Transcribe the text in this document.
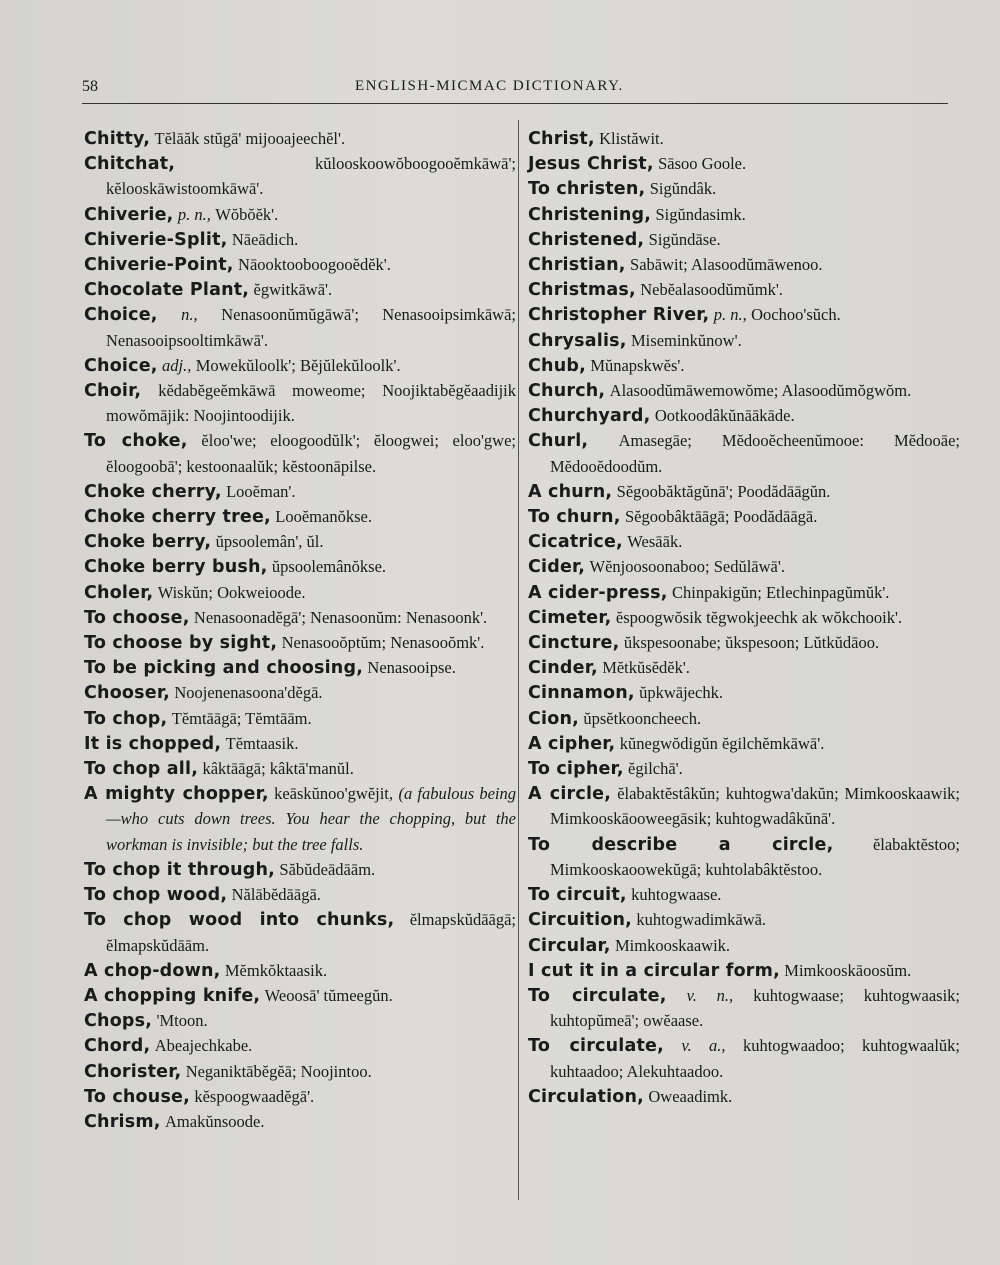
58	ENGLISH-MICMAC DICTIONARY.

Chitty, Tĕlāăk stŭgā' mijooajeechĕl'.

Chitchat,	kŭlooskoowŏboogooĕmkāwā'; kĕlooskāwistoomkāwā'.

Chiverie, p. n., Wŏbŏĕk'.

Chiverie-Split, Nāeādich.

Chiverie-Point, Nāooktooboogooĕdĕk'.

Chocolate Plant, ĕgwitkāwā'.

Choice, n., Nenasoonŭmŭgāwā'; Nenasooipsimkāwā; Nenasooipsooltimkāwā'.

Choice, adj., Mowekŭloolk'; Bĕjŭlekŭloolk'.

Choir, kĕdabĕgeĕmkāwā moweome; Noojiktabĕgĕaadijik mowŏmājik: Noojintoodijik.

To choke, ĕloo'we; eloogoodŭlk'; ĕloogwei; eloo'gwe; ĕloogoobā'; kestoonaalŭk; kĕstoonāpilse.

Choke cherry, Looĕman'.

Choke cherry tree, Looĕmanŏkse.

Choke berry, ŭpsoolemân', ŭl.

Choke berry bush, ŭpsoolemânŏkse.

Choler, Wiskŭn; Ookweioode.

To choose, Nenasoonadĕgā'; Nenasoonŭm: Nenasoonk'.

To choose by sight, Nenasooŏptŭm; Nenasooŏmk'.

To be picking and choosing, Nenasooipse.

Chooser, Noojenenasoona'dĕgā.

To chop, Tĕmtāāgā; Tĕmtāām.

It is chopped, Tĕmtaasik.

To chop all, kâktāāgā; kâktā'manŭl.

A mighty chopper, keāskŭnoo'gwĕjit, (a fabulous being—who cuts down trees. You hear the chopping, but the workman is invisible; but the tree falls.

To chop it through, Săbŭdeādāām.

To chop wood, Nălābĕdāāgā.

To chop wood into chunks, ĕlmapskŭdāāgā; ĕlmapskŭdāām.

A chop-down, Mĕmkŏktaasik.

A chopping knife, Weoosā' tŭmeegŭn.

Chops, 'Mtoon.

Chord, Abeajechkabe.

Chorister, Neganiktābĕgĕā; Noojintoo.

To chouse, kĕspoogwaadĕgā'.

Chrism, Amakŭnsoode.

Christ, Klistăwit.

Jesus Christ, Sāsoo Goole.

To christen, Sigŭndâk.

Christening, Sigŭndasimk.

Christened, Sigŭndāse.

Christian, Sabāwit; Alasoodŭmāwenoo.

Christmas, Nebĕalasoodŭmŭmk'.

Christopher River, p. n., Oochoo'sŭch.

Chrysalis, Miseminkŭnow'.

Chub, Mŭnapskwĕs'.

Church, Alasoodŭmāwemowŏme; Alasoodŭmŏgwŏm.

Churchyard, Ootkoodâkŭnāākāde.

Churl, Amasegāe; Mĕdooĕcheenŭmooe: Mĕdooāe; Mĕdooĕdoodŭm.

A churn, Sĕgoobăktăgŭnā'; Poodădāāgŭn.

To churn, Sĕgoobâktāāgā; Poodădāāgā.

Cicatrice, Wesāāk.

Cider, Wĕnjoosoonaboo; Sedŭlāwā'.

A cider-press, Chinpakigŭn; Etlechinpagŭmŭk'.

Cimeter, ĕspoogwŏsik tĕgwokjeechk ak wŏkchooik'.

Cincture, ŭkspesoonabe; ŭkspesoon; Lŭtkŭdāoo.

Cinder, Mĕtkŭsĕdĕk'.

Cinnamon, ŭpkwājechk.

Cion, ŭpsĕtkooncheech.

A cipher, kŭnegwŏdigŭn ĕgilchĕmkāwā'.

To cipher, ĕgilchā'.

A circle, ĕlabaktĕstâkŭn; kuhtogwa'dakŭn; Mimkooskaawik; Mimkooskāooweegāsik; kuhtogwadâkŭnā'.

To describe a circle, ĕlabaktĕstoo; Mimkooskaoowekŭgā; kuhtolabâktĕstoo.

To circuit, kuhtogwaase.

Circuition, kuhtogwadimkāwā.

Circular, Mimkooskaawik.

I cut it in a circular form, Mimkooskāoosŭm.

To circulate, v. n., kuhtogwaase; kuhtogwaasik; kuhtopŭmeā'; owĕaase.

To circulate, v. a., kuhtogwaadoo; kuhtogwaalŭk; kuhtaadoo; Alekuhtaadoo.

Circulation, Oweaadimk.
